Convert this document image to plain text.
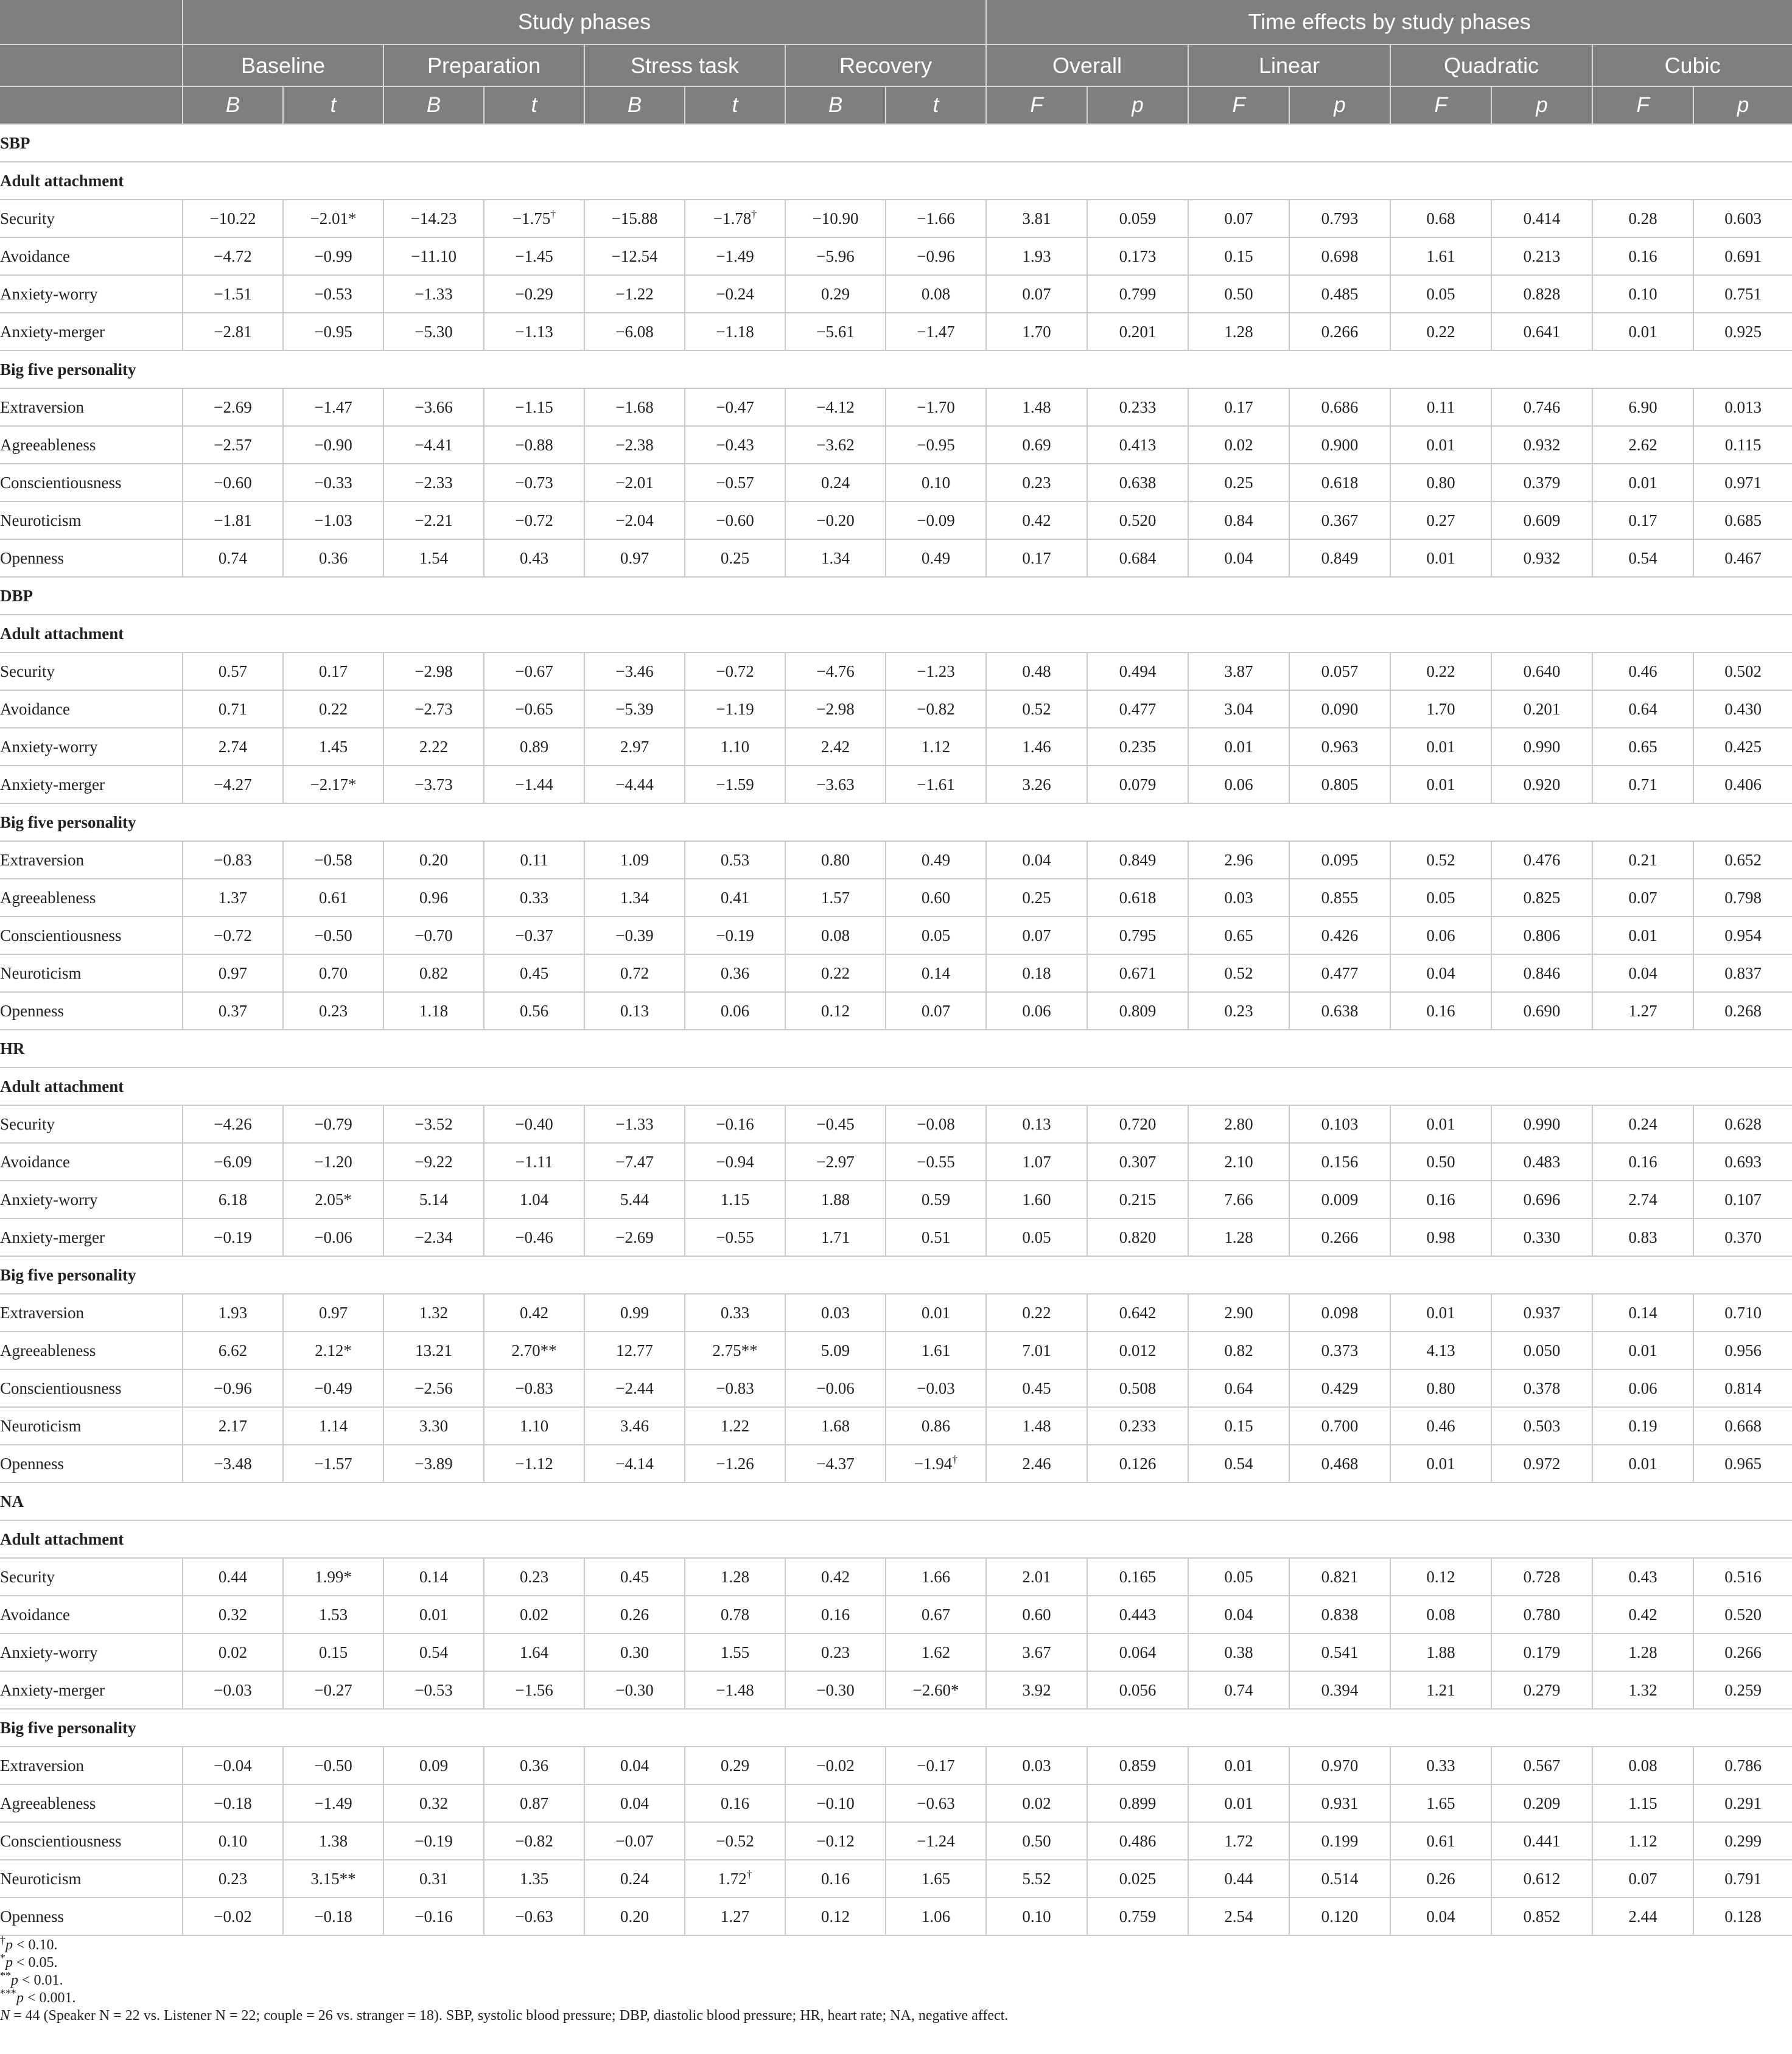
	Study phases								Time effects by study phases							
	Baseline		Preparation		Stress task		Recovery		Overall		Linear		Quadratic		Cubic	
	B	t	B	t	B	t	B	t	F	p	F	p	F	p	F	p
SBP																
Adult attachment																
Security	−10.22	−2.01*	−14.23	−1.75†	−15.88	−1.78†	−10.90	−1.66	3.81	0.059	0.07	0.793	0.68	0.414	0.28	0.603
Avoidance	−4.72	−0.99	−11.10	−1.45	−12.54	−1.49	−5.96	−0.96	1.93	0.173	0.15	0.698	1.61	0.213	0.16	0.691
Anxiety-worry	−1.51	−0.53	−1.33	−0.29	−1.22	−0.24	0.29	0.08	0.07	0.799	0.50	0.485	0.05	0.828	0.10	0.751
Anxiety-merger	−2.81	−0.95	−5.30	−1.13	−6.08	−1.18	−5.61	−1.47	1.70	0.201	1.28	0.266	0.22	0.641	0.01	0.925
Big five personality																
Extraversion	−2.69	−1.47	−3.66	−1.15	−1.68	−0.47	−4.12	−1.70	1.48	0.233	0.17	0.686	0.11	0.746	6.90	0.013
Agreeableness	−2.57	−0.90	−4.41	−0.88	−2.38	−0.43	−3.62	−0.95	0.69	0.413	0.02	0.900	0.01	0.932	2.62	0.115
Conscientiousness	−0.60	−0.33	−2.33	−0.73	−2.01	−0.57	0.24	0.10	0.23	0.638	0.25	0.618	0.80	0.379	0.01	0.971
Neuroticism	−1.81	−1.03	−2.21	−0.72	−2.04	−0.60	−0.20	−0.09	0.42	0.520	0.84	0.367	0.27	0.609	0.17	0.685
Openness	0.74	0.36	1.54	0.43	0.97	0.25	1.34	0.49	0.17	0.684	0.04	0.849	0.01	0.932	0.54	0.467
DBP																
Adult attachment																
Security	0.57	0.17	−2.98	−0.67	−3.46	−0.72	−4.76	−1.23	0.48	0.494	3.87	0.057	0.22	0.640	0.46	0.502
Avoidance	0.71	0.22	−2.73	−0.65	−5.39	−1.19	−2.98	−0.82	0.52	0.477	3.04	0.090	1.70	0.201	0.64	0.430
Anxiety-worry	2.74	1.45	2.22	0.89	2.97	1.10	2.42	1.12	1.46	0.235	0.01	0.963	0.01	0.990	0.65	0.425
Anxiety-merger	−4.27	−2.17*	−3.73	−1.44	−4.44	−1.59	−3.63	−1.61	3.26	0.079	0.06	0.805	0.01	0.920	0.71	0.406
Big five personality																
Extraversion	−0.83	−0.58	0.20	0.11	1.09	0.53	0.80	0.49	0.04	0.849	2.96	0.095	0.52	0.476	0.21	0.652
Agreeableness	1.37	0.61	0.96	0.33	1.34	0.41	1.57	0.60	0.25	0.618	0.03	0.855	0.05	0.825	0.07	0.798
Conscientiousness	−0.72	−0.50	−0.70	−0.37	−0.39	−0.19	0.08	0.05	0.07	0.795	0.65	0.426	0.06	0.806	0.01	0.954
Neuroticism	0.97	0.70	0.82	0.45	0.72	0.36	0.22	0.14	0.18	0.671	0.52	0.477	0.04	0.846	0.04	0.837
Openness	0.37	0.23	1.18	0.56	0.13	0.06	0.12	0.07	0.06	0.809	0.23	0.638	0.16	0.690	1.27	0.268
HR																
Adult attachment																
Security	−4.26	−0.79	−3.52	−0.40	−1.33	−0.16	−0.45	−0.08	0.13	0.720	2.80	0.103	0.01	0.990	0.24	0.628
Avoidance	−6.09	−1.20	−9.22	−1.11	−7.47	−0.94	−2.97	−0.55	1.07	0.307	2.10	0.156	0.50	0.483	0.16	0.693
Anxiety-worry	6.18	2.05*	5.14	1.04	5.44	1.15	1.88	0.59	1.60	0.215	7.66	0.009	0.16	0.696	2.74	0.107
Anxiety-merger	−0.19	−0.06	−2.34	−0.46	−2.69	−0.55	1.71	0.51	0.05	0.820	1.28	0.266	0.98	0.330	0.83	0.370
Big five personality																
Extraversion	1.93	0.97	1.32	0.42	0.99	0.33	0.03	0.01	0.22	0.642	2.90	0.098	0.01	0.937	0.14	0.710
Agreeableness	6.62	2.12*	13.21	2.70**	12.77	2.75**	5.09	1.61	7.01	0.012	0.82	0.373	4.13	0.050	0.01	0.956
Conscientiousness	−0.96	−0.49	−2.56	−0.83	−2.44	−0.83	−0.06	−0.03	0.45	0.508	0.64	0.429	0.80	0.378	0.06	0.814
Neuroticism	2.17	1.14	3.30	1.10	3.46	1.22	1.68	0.86	1.48	0.233	0.15	0.700	0.46	0.503	0.19	0.668
Openness	−3.48	−1.57	−3.89	−1.12	−4.14	−1.26	−4.37	−1.94†	2.46	0.126	0.54	0.468	0.01	0.972	0.01	0.965
NA																
Adult attachment																
Security	0.44	1.99*	0.14	0.23	0.45	1.28	0.42	1.66	2.01	0.165	0.05	0.821	0.12	0.728	0.43	0.516
Avoidance	0.32	1.53	0.01	0.02	0.26	0.78	0.16	0.67	0.60	0.443	0.04	0.838	0.08	0.780	0.42	0.520
Anxiety-worry	0.02	0.15	0.54	1.64	0.30	1.55	0.23	1.62	3.67	0.064	0.38	0.541	1.88	0.179	1.28	0.266
Anxiety-merger	−0.03	−0.27	−0.53	−1.56	−0.30	−1.48	−0.30	−2.60*	3.92	0.056	0.74	0.394	1.21	0.279	1.32	0.259
Big five personality																
Extraversion	−0.04	−0.50	0.09	0.36	0.04	0.29	−0.02	−0.17	0.03	0.859	0.01	0.970	0.33	0.567	0.08	0.786
Agreeableness	−0.18	−1.49	0.32	0.87	0.04	0.16	−0.10	−0.63	0.02	0.899	0.01	0.931	1.65	0.209	1.15	0.291
Conscientiousness	0.10	1.38	−0.19	−0.82	−0.07	−0.52	−0.12	−1.24	0.50	0.486	1.72	0.199	0.61	0.441	1.12	0.299
Neuroticism	0.23	3.15**	0.31	1.35	0.24	1.72†	0.16	1.65	5.52	0.025	0.44	0.514	0.26	0.612	0.07	0.791
Openness	−0.02	−0.18	−0.16	−0.63	0.20	1.27	0.12	1.06	0.10	0.759	2.54	0.120	0.04	0.852	2.44	0.128
†p < 0.10.
*p < 0.05.
**p < 0.01.
***p < 0.001.
N = 44 (Speaker N = 22 vs. Listener N = 22; couple = 26 vs. stranger = 18). SBP, systolic blood pressure; DBP, diastolic blood pressure; HR, heart rate; NA, negative affect.
